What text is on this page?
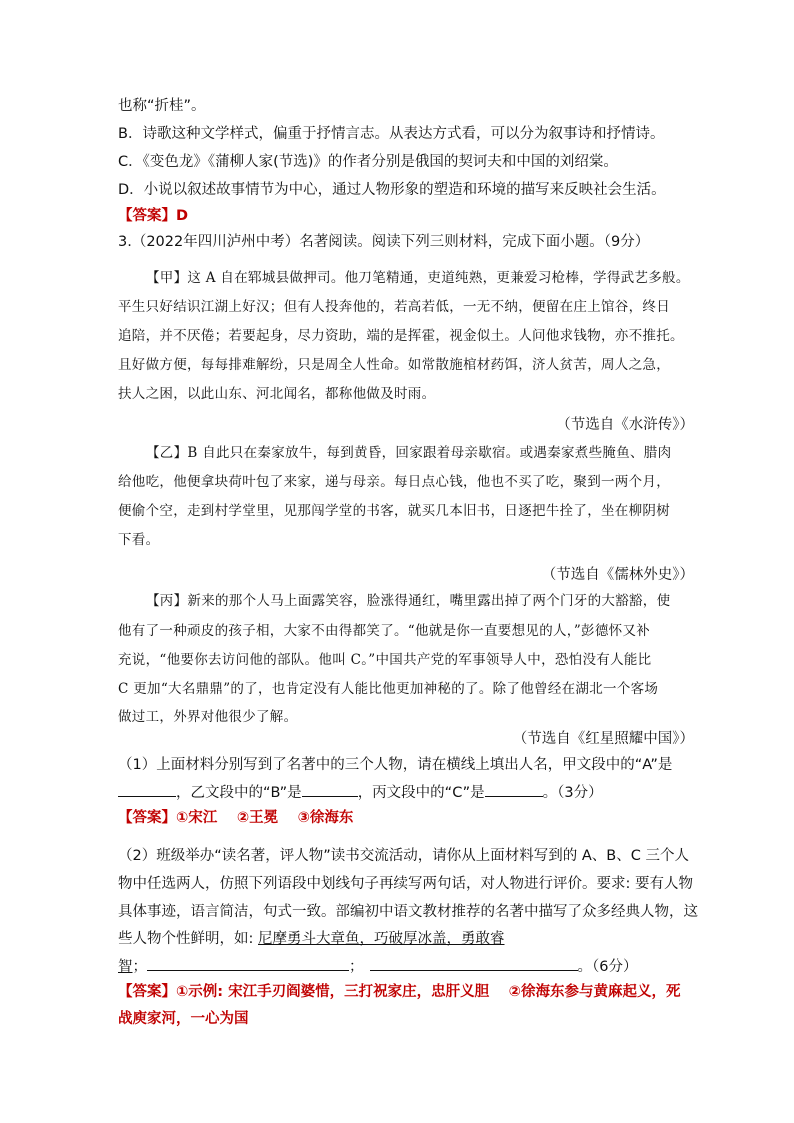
也称“折桂”。
B．诗歌这种文学样式，偏重于抒情言志。从表达方式看，可以分为叙事诗和抒情诗。
C．《变色龙》《蒲柳人家(节选)》的作者分别是俄国的契诃夫和中国的刘绍棠。
D．小说以叙述故事情节为中心，通过人物形象的塑造和环境的描写来反映社会生活。
【答案】D
3.（2022年四川泸州中考）名著阅读。阅读下列三则材料，完成下面小题。（9分）
【甲】这 A 自在郓城县做押司。他刀笔精通，吏道纯熟，更兼爱习枪棒，学得武艺多般。
平生只好结识江湖上好汉；但有人投奔他的，若高若低，一无不纳，便留在庄上馆谷，终日
追陪，并不厌倦；若要起身，尽力资助，端的是挥霍，视金似土。人问他求钱物，亦不推托。
且好做方便，每每排难解纷，只是周全人性命。如常散施棺材药饵，济人贫苦，周人之急，
扶人之困，以此山东、河北闻名，都称他做及时雨。
（节选自《水浒传》）
【乙】B 自此只在秦家放牛，每到黄昏，回家跟着母亲歇宿。或遇秦家煮些腌鱼、腊肉
给他吃，他便拿块荷叶包了来家，递与母亲。每日点心钱，他也不买了吃，聚到一两个月，
便偷个空，走到村学堂里，见那闯学堂的书客，就买几本旧书，日逐把牛拴了，坐在柳阴树
下看。
（节选自《儒林外史》）
【丙】新来的那个人马上面露笑容，脸涨得通红，嘴里露出掉了两个门牙的大豁豁，使
他有了一种顽皮的孩子相，大家不由得都笑了。“他就是你一直要想见的人，”彭德怀又补
充说，“他要你去访问他的部队。他叫 C。”中国共产党的军事领导人中，恐怕没有人能比
C 更加“大名鼎鼎”的了，也肯定没有人能比他更加神秘的了。除了他曾经在湖北一个客场
做过工，外界对他很少了解。
（节选自《红星照耀中国》）
（1）上面材料分别写到了名著中的三个人物，请在横线上填出人名，甲文段中的“A”是
，乙文段中的“B”是	，丙文段中的“C”是	。（3分）
【答案】①宋江　 ②王冕　 ③徐海东
（2）班级举办“读名著，评人物”读书交流活动，请你从上面材料写到的 A、B、C 三个人
物中任选两人，仿照下列语段中划线句子再续写两句话，对人物进行评价。要求: 要有人物
具体事迹，语言简洁，句式一致。部编初中语文教材推荐的名著中描写了众多经典人物，这
些人物个性鲜明，如: 尼摩勇斗大章鱼，巧破厚冰盖，勇敢睿
智；	；	。（6分）
【答案】①示例: 宋江手刃阎婆惜，三打祝家庄，忠肝义胆　 ②徐海东参与黄麻起义，死
战庾家河，一心为国
